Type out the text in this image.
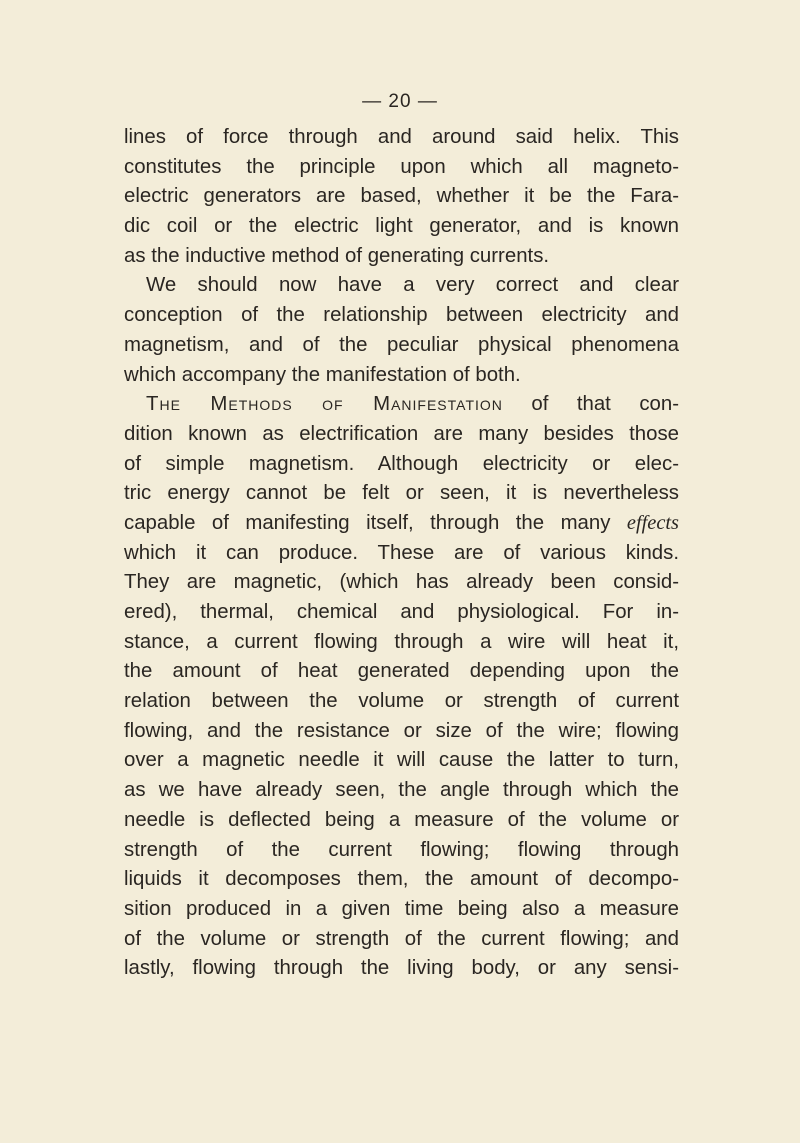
— 20 —
lines of force through and around said helix. This
constitutes the principle upon which all magneto-
electric generators are based, whether it be the Fara-
dic coil or the electric light generator, and is known
as the inductive method of generating currents.
We should now have a very correct and clear
conception of the relationship between electricity and
magnetism, and of the peculiar physical phenomena
which accompany the manifestation of both.
The Methods of Manifestation of that con-
dition known as electrification are many besides those
of simple magnetism. Although electricity or elec-
tric energy cannot be felt or seen, it is nevertheless
capable of manifesting itself, through the many effects
which it can produce. These are of various kinds.
They are magnetic, (which has already been consid-
ered), thermal, chemical and physiological. For in-
stance, a current flowing through a wire will heat it,
the amount of heat generated depending upon the
relation between the volume or strength of current
flowing, and the resistance or size of the wire; flowing
over a magnetic needle it will cause the latter to turn,
as we have already seen, the angle through which the
needle is deflected being a measure of the volume or
strength of the current flowing; flowing through
liquids it decomposes them, the amount of decompo-
sition produced in a given time being also a measure
of the volume or strength of the current flowing; and
lastly, flowing through the living body, or any sensi-
